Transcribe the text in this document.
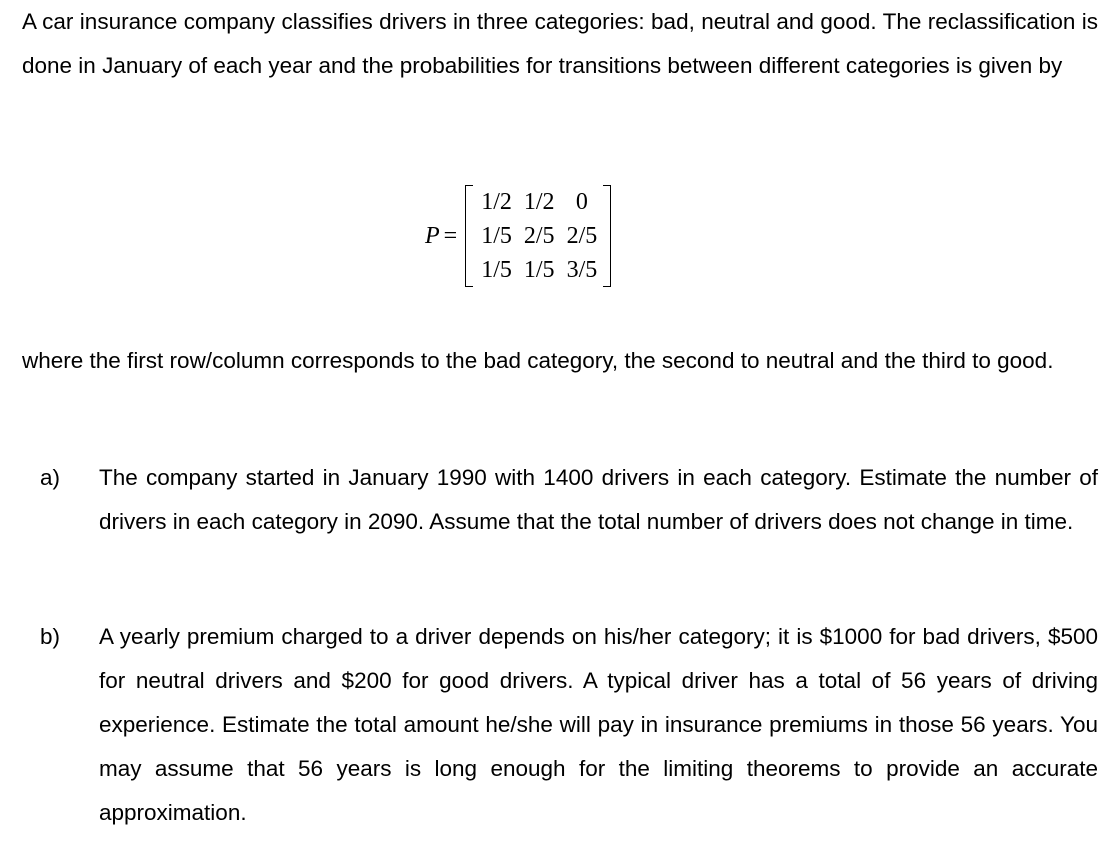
A car insurance company classifies drivers in three categories: bad, neutral and good. The reclassification is done in January of each year and the probabilities for transitions between different categories is given by

P =
1/2	1/2	0
1/5	2/5	2/5
1/5	1/5	3/5

where the first row/column corresponds to the bad category, the second to neutral and the third to good.

a) The company started in January 1990 with 1400 drivers in each category. Estimate the number of drivers in each category in 2090. Assume that the total number of drivers does not change in time.

b) A yearly premium charged to a driver depends on his/her category; it is $1000 for bad drivers, $500 for neutral drivers and $200 for good drivers. A typical driver has a total of 56 years of driving experience. Estimate the total amount he/she will pay in insurance premiums in those 56 years. You may assume that 56 years is long enough for the limiting theorems to provide an accurate approximation.
